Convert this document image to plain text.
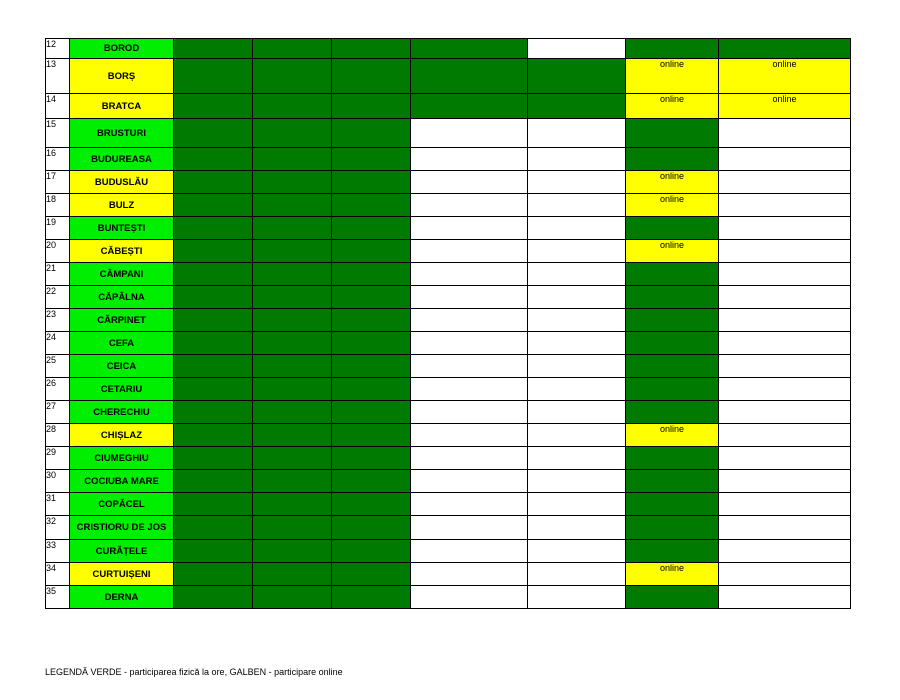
12	BOROD							
13	BORȘ						online	online
14	BRATCA						online	online
15	BRUSTURI							
16	BUDUREASA							
17	BUDUSLĂU						online	
18	BULZ						online	
19	BUNTEȘTI							
20	CĂBEȘTI						online	
21	CÂMPANI							
22	CĂPÂLNA							
23	CĂRPINET							
24	CEFA							
25	CEICA							
26	CETARIU							
27	CHERECHIU							
28	CHIȘLAZ						online	
29	CIUMEGHIU							
30	COCIUBA MARE							
31	COPĂCEL							
32	CRISTIORU DE JOS							
33	CURĂȚELE							
34	CURTUIȘENI						online	
35	DERNA							
LEGENDĂ VERDE - participarea fizică la ore, GALBEN - participare online
